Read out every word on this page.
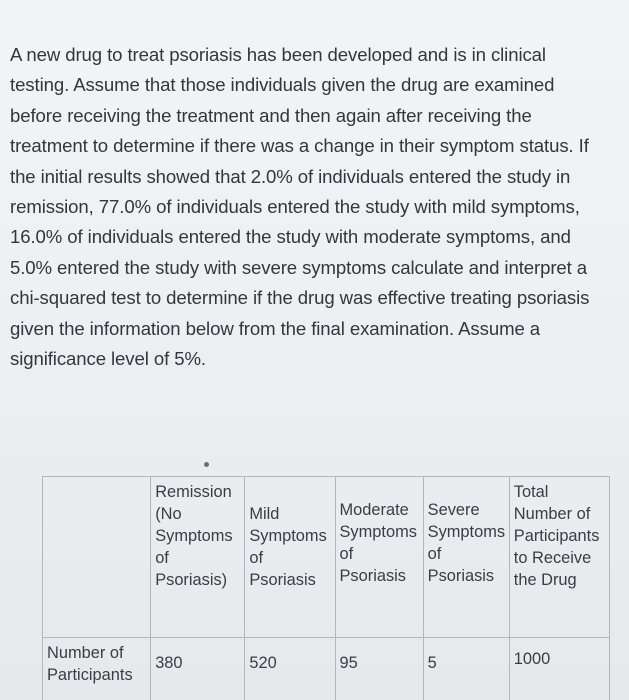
A new drug to treat psoriasis has been developed and is in clinical testing. Assume that those individuals given the drug are examined before receiving the treatment and then again after receiving the treatment to determine if there was a change in their symptom status. If the initial results showed that 2.0% of individuals entered the study in remission, 77.0% of individuals entered the study with mild symptoms, 16.0% of individuals entered the study with moderate symptoms, and 5.0% entered the study with severe symptoms calculate and interpret a chi-squared test to determine if the drug was effective treating psoriasis given the information below from the final examination. Assume a significance level of 5%.

	Remission (No Symptoms of Psoriasis)	Mild Symptoms of Psoriasis	Moderate Symptoms of Psoriasis	Severe Symptoms of Psoriasis	Total Number of Participants to Receive the Drug
Number of Participants	380	520	95	5	1000
